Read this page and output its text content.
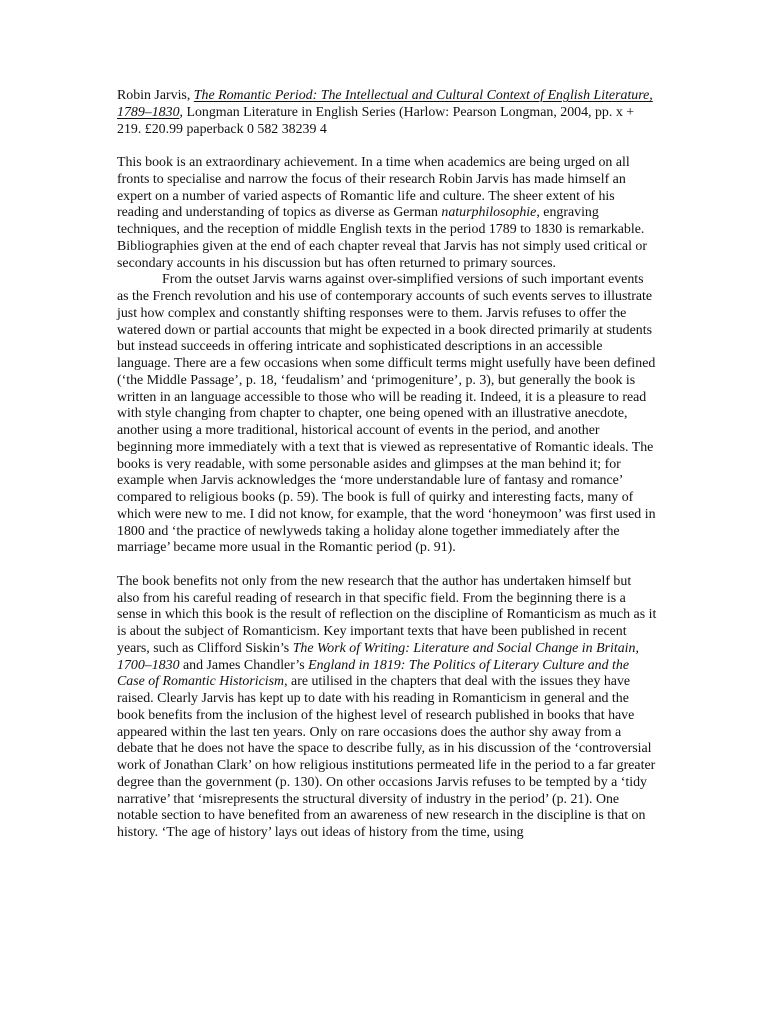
Robin Jarvis, The Romantic Period: The Intellectual and Cultural Context of English Literature, 1789–1830, Longman Literature in English Series (Harlow: Pearson Longman, 2004, pp. x + 219. £20.99 paperback 0 582 38239 4

This book is an extraordinary achievement. In a time when academics are being urged on all fronts to specialise and narrow the focus of their research Robin Jarvis has made himself an expert on a number of varied aspects of Romantic life and culture. The sheer extent of his reading and understanding of topics as diverse as German naturphilosophie, engraving techniques, and the reception of middle English texts in the period 1789 to 1830 is remarkable. Bibliographies given at the end of each chapter reveal that Jarvis has not simply used critical or secondary accounts in his discussion but has often returned to primary sources.

From the outset Jarvis warns against over-simplified versions of such important events as the French revolution and his use of contemporary accounts of such events serves to illustrate just how complex and constantly shifting responses were to them. Jarvis refuses to offer the watered down or partial accounts that might be expected in a book directed primarily at students but instead succeeds in offering intricate and sophisticated descriptions in an accessible language. There are a few occasions when some difficult terms might usefully have been defined (‘the Middle Passage’, p. 18, ‘feudalism’ and ‘primogeniture’, p. 3), but generally the book is written in an language accessible to those who will be reading it. Indeed, it is a pleasure to read with style changing from chapter to chapter, one being opened with an illustrative anecdote, another using a more traditional, historical account of events in the period, and another beginning more immediately with a text that is viewed as representative of Romantic ideals. The books is very readable, with some personable asides and glimpses at the man behind it; for example when Jarvis acknowledges the ‘more understandable lure of fantasy and romance’ compared to religious books (p. 59). The book is full of quirky and interesting facts, many of which were new to me. I did not know, for example, that the word ‘honeymoon’ was first used in 1800 and ‘the practice of newlyweds taking a holiday alone together immediately after the marriage’ became more usual in the Romantic period (p. 91).

The book benefits not only from the new research that the author has undertaken himself but also from his careful reading of research in that specific field. From the beginning there is a sense in which this book is the result of reflection on the discipline of Romanticism as much as it is about the subject of Romanticism. Key important texts that have been published in recent years, such as Clifford Siskin’s The Work of Writing: Literature and Social Change in Britain, 1700–1830 and James Chandler’s England in 1819: The Politics of Literary Culture and the Case of Romantic Historicism, are utilised in the chapters that deal with the issues they have raised. Clearly Jarvis has kept up to date with his reading in Romanticism in general and the book benefits from the inclusion of the highest level of research published in books that have appeared within the last ten years. Only on rare occasions does the author shy away from a debate that he does not have the space to describe fully, as in his discussion of the ‘controversial work of Jonathan Clark’ on how religious institutions permeated life in the period to a far greater degree than the government (p. 130). On other occasions Jarvis refuses to be tempted by a ‘tidy narrative’ that ‘misrepresents the structural diversity of industry in the period’ (p. 21). One notable section to have benefited from an awareness of new research in the discipline is that on history. ‘The age of history’ lays out ideas of history from the time, using
